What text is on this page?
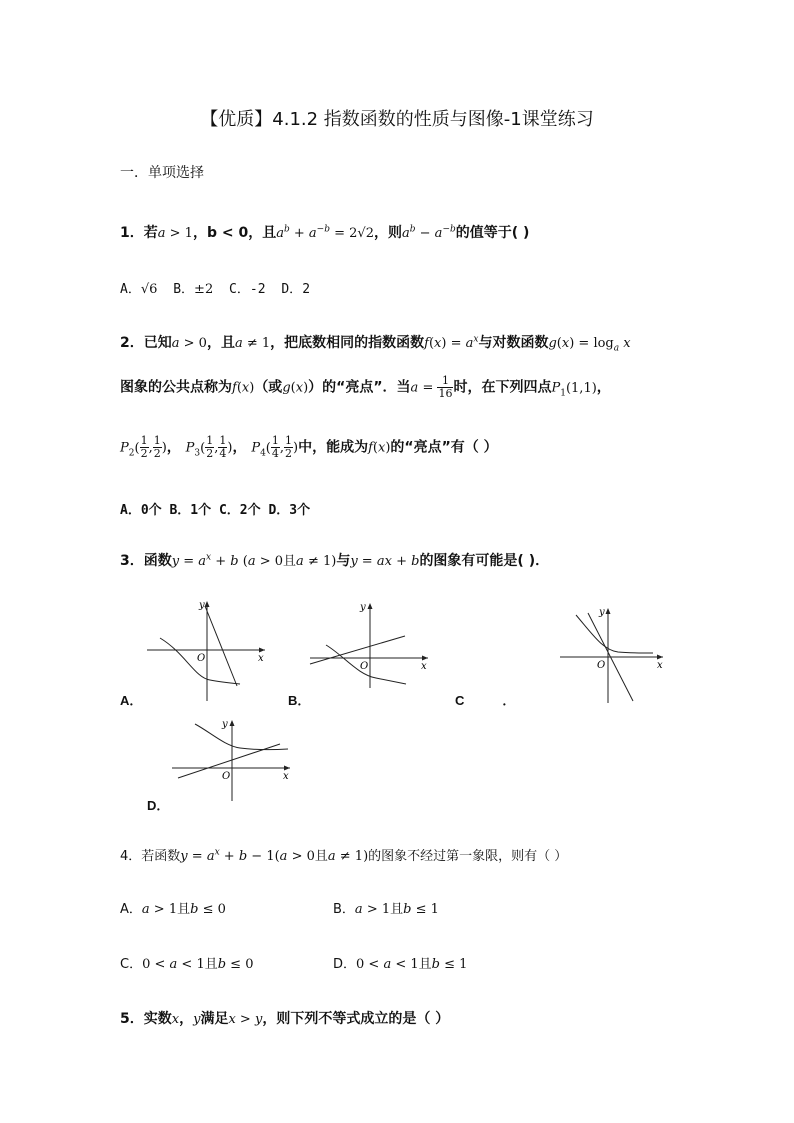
【优质】4.1.2 指数函数的性质与图像-1课堂练习
一．单项选择
1．若a > 1，b < 0，且$a^b + a^{-b} = 2√2$，则$a^b - a^{-b}$的值等于( )
A．√6 B．±2 C．-2 D．2
2．已知a > 0，且a ≠ 1，把底数相同的指数函数$f(x) = a^x$与对数函数$g(x) = \log_a x$
图象的公共点称为f(x)（或g(x)）的“亮点”．当$a = \frac{1}{16}$ 时，在下列四点$P_1(1,1)$，
$P_2( \frac{1}{2}$ , $\frac{1}{2}$ )， $P_3( \frac{1}{2}$ , $\frac{1}{4}$ )， $P_4( \frac{1}{4}$ , $\frac{1}{2}$ )中，能成为f(x)的“亮点”有（ ）
A．0个 B．1个 C．2个 D．3个
3．函数$y = a^x + b$ (a > 0且a ≠ 1)与y = ax + b的图象有可能是( )．
y
x
O
A．
y
x
O
B．
y
x
O
C	．
y
x
O
D．
4．若函数$y = a^x + b - 1(a > 0$且a ≠ 1)的图象不经过第一象限，则有（ ）
A．a > 1且b ≤ 0	B．a > 1且b ≤ 1
C．0 < a < 1且b ≤ 0	D．0 < a < 1且b ≤ 1
5．实数x，y满足x > y，则下列不等式成立的是（ ）
